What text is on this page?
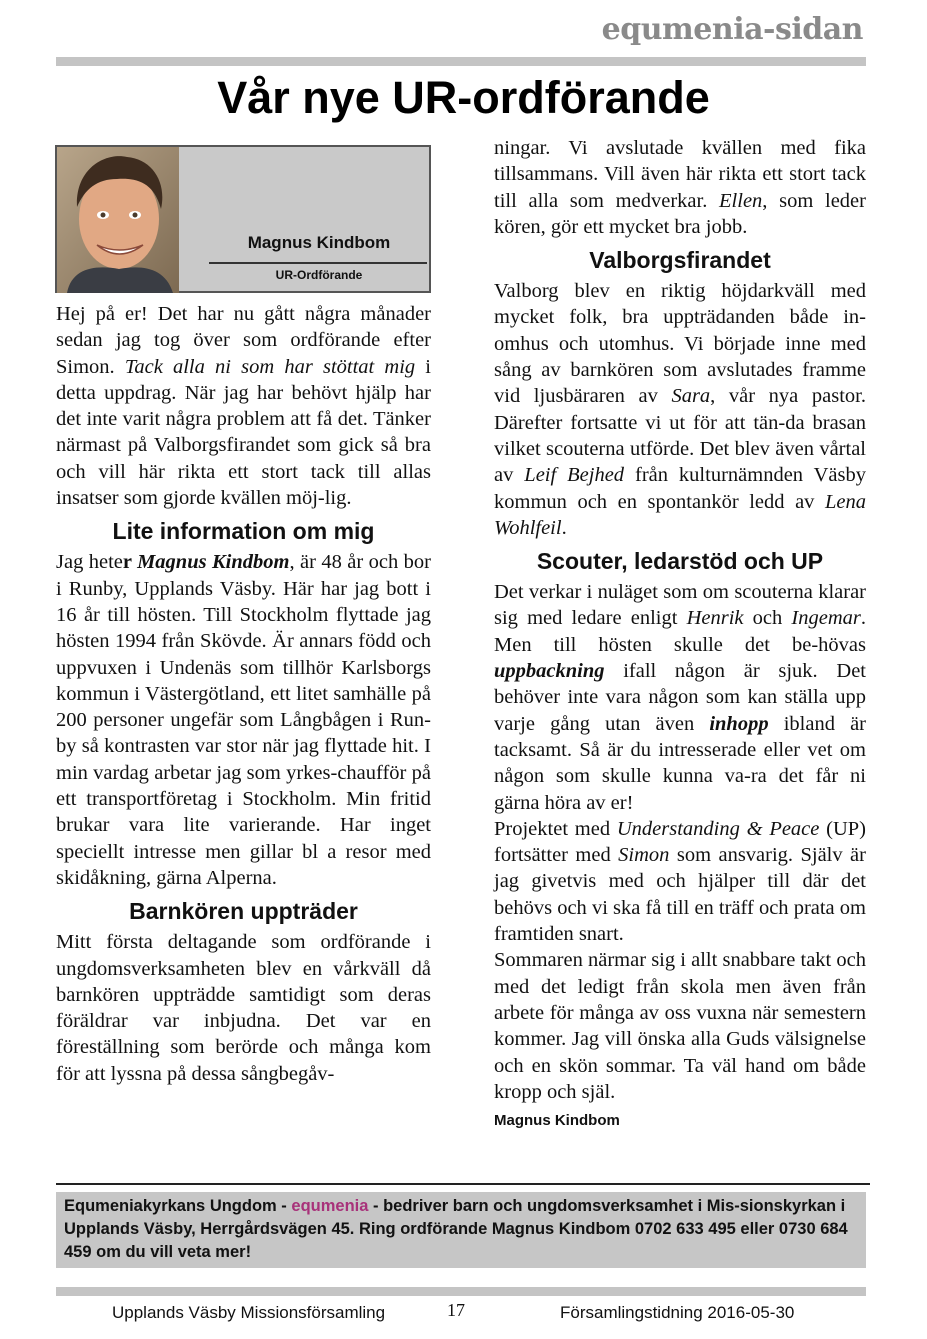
equmenia-sidan
Vår nye UR-ordförande
Magnus Kindbom
UR-Ordförande

Hej på er! Det har nu gått några månader sedan jag tog över som ordförande efter Simon. Tack alla ni som har stöttat mig i detta uppdrag. När jag har behövt hjälp har det inte varit några problem att få det. Tänker närmast på Valborgsfirandet som gick så bra och vill här rikta ett stort tack till allas insatser som gjorde kvällen möj-lig.

Lite information om mig

Jag heter Magnus Kindbom, är 48 år och bor i Runby, Upplands Väsby. Här har jag bott i 16 år till hösten. Till Stockholm flyttade jag hösten 1994 från Skövde. Är annars född och uppvuxen i Undenäs som tillhör Karlsborgs kommun i Västergötland, ett litet samhälle på 200 personer ungefär som Långbågen i Run-by så kontrasten var stor när jag flyttade hit. I min vardag arbetar jag som yrkes-chaufför på ett transportföretag i Stockholm. Min fritid brukar vara lite varierande. Har inget speciellt intresse men gillar bl a resor med skidåkning, gärna Alperna.

Barnkören uppträder

Mitt första deltagande som ordförande i ungdomsverksamheten blev en vårkväll då barnkören uppträdde samtidigt som deras föräldrar var inbjudna. Det var en föreställning som berörde och många kom för att lyssna på dessa sångbegåv-

ningar. Vi avslutade kvällen med fika tillsammans. Vill även här rikta ett stort tack till alla som medverkar. Ellen, som leder kören, gör ett mycket bra jobb.

Valborgsfirandet

Valborg blev en riktig höjdarkväll med mycket folk, bra uppträdanden både in-omhus och utomhus. Vi började inne med sång av barnkören som avslutades framme vid ljusbäraren av Sara, vår nya pastor. Därefter fortsatte vi ut för att tän-da brasan vilket scouterna utförde. Det blev även vårtal av Leif Bejhed från kulturnämnden Väsby kommun och en spontankör ledd av Lena Wohlfeil.

Scouter, ledarstöd och UP

Det verkar i nuläget som om scouterna klarar sig med ledare enligt Henrik och Ingemar. Men till hösten skulle det be-hövas uppbackning ifall någon är sjuk. Det behöver inte vara någon som kan ställa upp varje gång utan även inhopp ibland är tacksamt. Så är du intresserade eller vet om någon som skulle kunna va-ra det får ni gärna höra av er!

Projektet med Understanding & Peace (UP) fortsätter med Simon som ansvarig. Själv är jag givetvis med och hjälper till där det behövs och vi ska få till en träff och prata om framtiden snart.

Sommaren närmar sig i allt snabbare takt och med det ledigt från skola men även från arbete för många av oss vuxna när semestern kommer. Jag vill önska alla Guds välsignelse och en skön sommar. Ta väl hand om både kropp och själ.

Magnus Kindbom
Equmeniakyrkans Ungdom - equmenia - bedriver barn och ungdomsverksamhet i Mis-sionskyrkan i Upplands Väsby, Herrgårdsvägen 45. Ring ordförande Magnus Kindbom 0702 633 495 eller 0730 684 459 om du vill veta mer!
Upplands Väsby Missionsförsamling	17	Församlingstidning 2016-05-30
